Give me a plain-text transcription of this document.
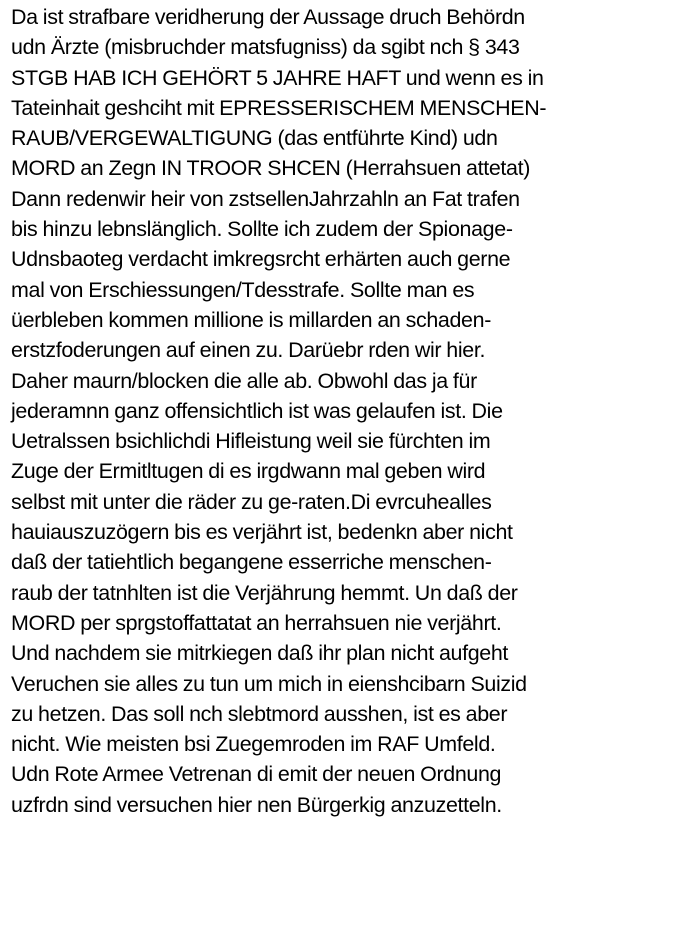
Da ist strafbare veridherung der Aussage druch Behördn udn Ärzte (misbruchder matsfugniss) da sgibt nch § 343 STGB HAB ICH GEHÖRT 5 JAHRE HAFT und wenn es in Tateinhait geshciht mit EPRESSERISCHEM MENSCHEN- RAUB/VERGEWALTIGUNG (das entführte Kind) udn MORD an Zegn IN TROOR SHCEN (Herrahsuen attetat) Dann redenwir heir von zstsellenJahrzahln an Fat trafen bis hinzu lebnslänglich. Sollte ich zudem der Spionage- Udnsbaoteg verdacht imkregsrcht erhärten auch gerne mal von Erschiessungen/Tdesstrafe. Sollte man es üerbleben kommen millione is millarden an schaden- erstzfoderungen auf einen zu. Darüebr rden wir hier. Daher maurn/blocken die alle ab. Obwohl das ja für jederamnn ganz offensichtlich ist was gelaufen ist. Die Uetralssen bsichlichdi Hifleistung weil sie fürchten im Zuge der Ermitltugen di es irgdwann mal geben wird selbst mit unter die räder zu ge-raten.Di evrcuhealles hauiauszuzögern bis es verjährt ist, bedenkn aber nicht daß der tatiehtlich begangene esserriche menschen- raub der tatnhlten ist die Verjährung hemmt. Un daß der MORD per sprgstoffattatat an herrahsuen nie verjährt. Und nachdem sie mitrkiegen daß ihr plan nicht aufgeht Veruchen sie alles zu tun um mich in eienshcibarn Suizid zu hetzen. Das soll nch slebtmord ausshen, ist es aber nicht. Wie meisten bsi Zuegemroden im RAF Umfeld. Udn Rote Armee Vetrenan di emit der neuen Ordnung uzfrdn sind versuchen hier nen Bürgerkig anzuzetteln.
